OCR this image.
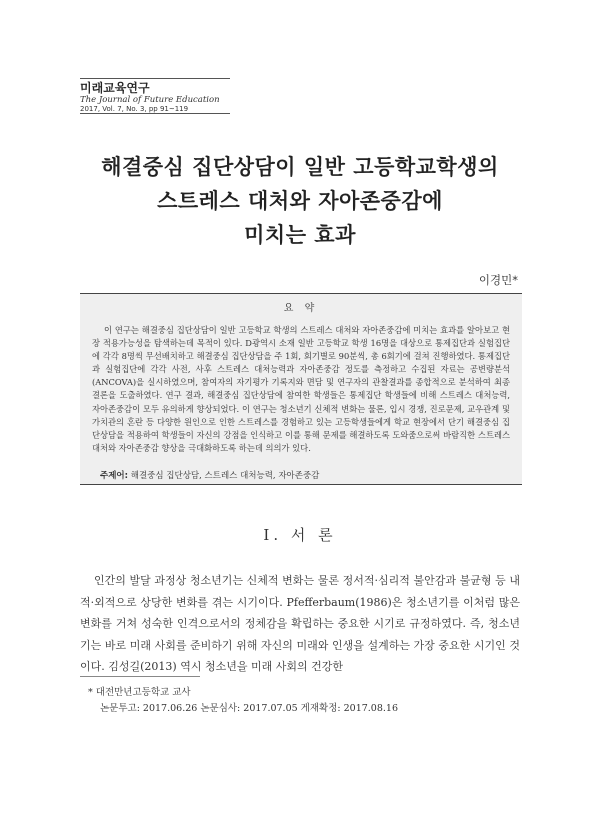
미래교육연구
The Journal of Future Education
2017, Vol. 7, No. 3, pp 91~119
해결중심 집단상담이 일반 고등학교학생의
스트레스 대처와 자아존중감에
미치는 효과
이경민*
요 약
이 연구는 해결중심 집단상담이 일반 고등학교 학생의 스트레스 대처와 자아존중감에 미치는 효과를 알아보고 현장 적용가능성을 탐색하는데 목적이 있다. D광역시 소재 일반 고등학교 학생 16명을 대상으로 통제집단과 실험집단에 각각 8명씩 무선배치하고 해결중심 집단상담을 주 1회, 회기별로 90분씩, 총 6회기에 걸쳐 진행하였다. 통제집단과 실험집단에 각각 사전, 사후 스트레스 대처능력과 자아존중감 정도를 측정하고 수집된 자료는 공변량분석(ANCOVA)을 실시하였으며, 참여자의 자기평가 기록지와 면담 및 연구자의 관찰결과를 종합적으로 분석하여 최종 결론을 도출하였다. 연구 결과, 해결중심 집단상담에 참여한 학생들은 통제집단 학생들에 비해 스트레스 대처능력, 자아존중감이 모두 유의하게 향상되었다. 이 연구는 청소년기 신체적 변화는 물론, 입시 경쟁, 진로문제, 교우관계 및 가치관의 혼란 등 다양한 원인으로 인한 스트레스를 경험하고 있는 고등학생들에게 학교 현장에서 단기 해결중심 집단상담을 적용하여 학생들이 자신의 강점을 인식하고 이를 통해 문제를 해결하도록 도와줌으로써 바람직한 스트레스 대처와 자아존중감 향상을 극대화하도록 하는데 의의가 있다.
주제어: 해결중심 집단상담, 스트레스 대처능력, 자아존중감
Ⅰ. 서 론
인간의 발달 과정상 청소년기는 신체적 변화는 물론 정서적·심리적 불안감과 불균형 등 내적·외적으로 상당한 변화를 겪는 시기이다. Pfefferbaum(1986)은 청소년기를 이처럼 많은 변화를 거쳐 성숙한 인격으로서의 정체감을 확립하는 중요한 시기로 규정하였다. 즉, 청소년기는 바로 미래 사회를 준비하기 위해 자신의 미래와 인생을 설계하는 가장 중요한 시기인 것이다. 김성길(2013) 역시 청소년을 미래 사회의 건강한
* 대전만년고등학교 교사
논문투고: 2017.06.26 논문심사: 2017.07.05 게재확정: 2017.08.16
